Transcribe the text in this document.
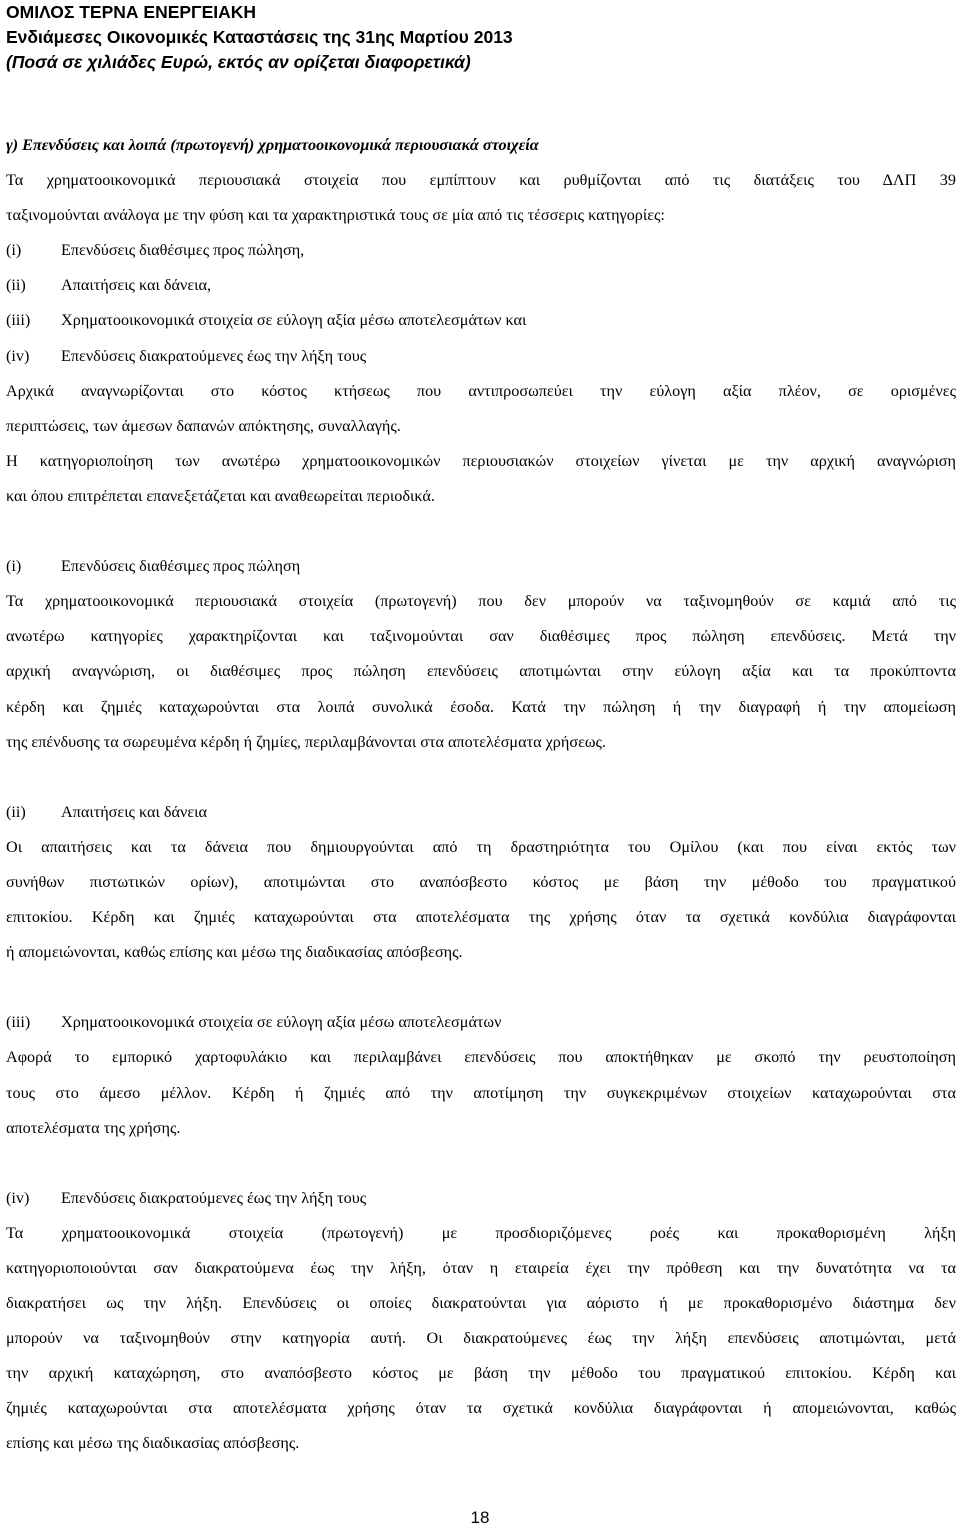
ΟΜΙΛΟΣ ΤΕΡΝΑ ΕΝΕΡΓΕΙΑΚΗ
Ενδιάμεσες Οικονομικές Καταστάσεις της 31ης Μαρτίου 2013
(Ποσά σε χιλιάδες Ευρώ, εκτός αν ορίζεται διαφορετικά)

γ) Επενδύσεις και λοιπά (πρωτογενή) χρηματοοικονομικά περιουσιακά στοιχεία

Τα χρηματοοικονομικά περιουσιακά στοιχεία που εμπίπτουν και ρυθμίζονται από τις διατάξεις του ΔΛΠ 39

ταξινομούνται ανάλογα με την φύση και τα χαρακτηριστικά τους σε μία από τις τέσσερις κατηγορίες:

(i)	Επενδύσεις διαθέσιμες προς πώληση,
(ii)	Απαιτήσεις και δάνεια,
(iii)	Χρηματοοικονομικά στοιχεία σε εύλογη αξία μέσω αποτελεσμάτων και
(iv)	Επενδύσεις διακρατούμενες έως την λήξη τους

Αρχικά αναγνωρίζονται στο κόστος κτήσεως που αντιπροσωπεύει την εύλογη αξία πλέον, σε ορισμένες

περιπτώσεις, των άμεσων δαπανών απόκτησης, συναλλαγής.

Η κατηγοριοποίηση των ανωτέρω χρηματοοικονομικών περιουσιακών στοιχείων γίνεται με την αρχική αναγνώριση

και όπου επιτρέπεται επανεξετάζεται και αναθεωρείται περιοδικά.

(i)	Επενδύσεις διαθέσιμες προς πώληση

Τα χρηματοοικονομικά περιουσιακά στοιχεία (πρωτογενή) που δεν μπορούν να ταξινομηθούν σε καμιά από τις

ανωτέρω κατηγορίες χαρακτηρίζονται και ταξινομούνται σαν διαθέσιμες προς πώληση επενδύσεις. Μετά την

αρχική αναγνώριση, οι διαθέσιμες προς πώληση επενδύσεις αποτιμώνται στην εύλογη αξία και τα προκύπτοντα

κέρδη και ζημιές καταχωρούνται στα λοιπά συνολικά έσοδα. Κατά την πώληση ή την διαγραφή ή την απομείωση

της επένδυσης τα σωρευμένα κέρδη ή ζημίες, περιλαμβάνονται στα αποτελέσματα χρήσεως.

(ii)	Απαιτήσεις και δάνεια

Οι απαιτήσεις και τα δάνεια που δημιουργούνται από τη δραστηριότητα του Ομίλου (και που είναι εκτός των

συνήθων πιστωτικών ορίων), αποτιμώνται στο αναπόσβεστο κόστος με βάση την μέθοδο του πραγματικού

επιτοκίου. Κέρδη και ζημιές καταχωρούνται στα αποτελέσματα της χρήσης όταν τα σχετικά κονδύλια διαγράφονται

ή απομειώνονται, καθώς επίσης και μέσω της διαδικασίας απόσβεσης.

(iii)	Χρηματοοικονομικά στοιχεία σε εύλογη αξία μέσω αποτελεσμάτων

Αφορά το εμπορικό χαρτοφυλάκιο και περιλαμβάνει επενδύσεις που αποκτήθηκαν με σκοπό την ρευστοποίηση

τους στο άμεσο μέλλον. Κέρδη ή ζημιές από την αποτίμηση την συγκεκριμένων στοιχείων καταχωρούνται στα

αποτελέσματα της χρήσης.

(iv)	Επενδύσεις διακρατούμενες έως την λήξη τους

Τα χρηματοοικονομικά στοιχεία (πρωτογενή) με προσδιοριζόμενες ροές και προκαθορισμένη λήξη

κατηγοριοποιούνται σαν διακρατούμενα έως την λήξη, όταν η εταιρεία έχει την πρόθεση και την δυνατότητα να τα

διακρατήσει ως την λήξη. Επενδύσεις οι οποίες διακρατούνται για αόριστο ή με προκαθορισμένο διάστημα δεν

μπορούν να ταξινομηθούν στην κατηγορία αυτή. Οι διακρατούμενες έως την λήξη επενδύσεις αποτιμώνται, μετά

την αρχική καταχώρηση, στο αναπόσβεστο κόστος με βάση την μέθοδο του πραγματικού επιτοκίου. Κέρδη και

ζημιές καταχωρούνται στα αποτελέσματα χρήσης όταν τα σχετικά κονδύλια διαγράφονται ή απομειώνονται, καθώς

επίσης και μέσω της διαδικασίας απόσβεσης.

18
